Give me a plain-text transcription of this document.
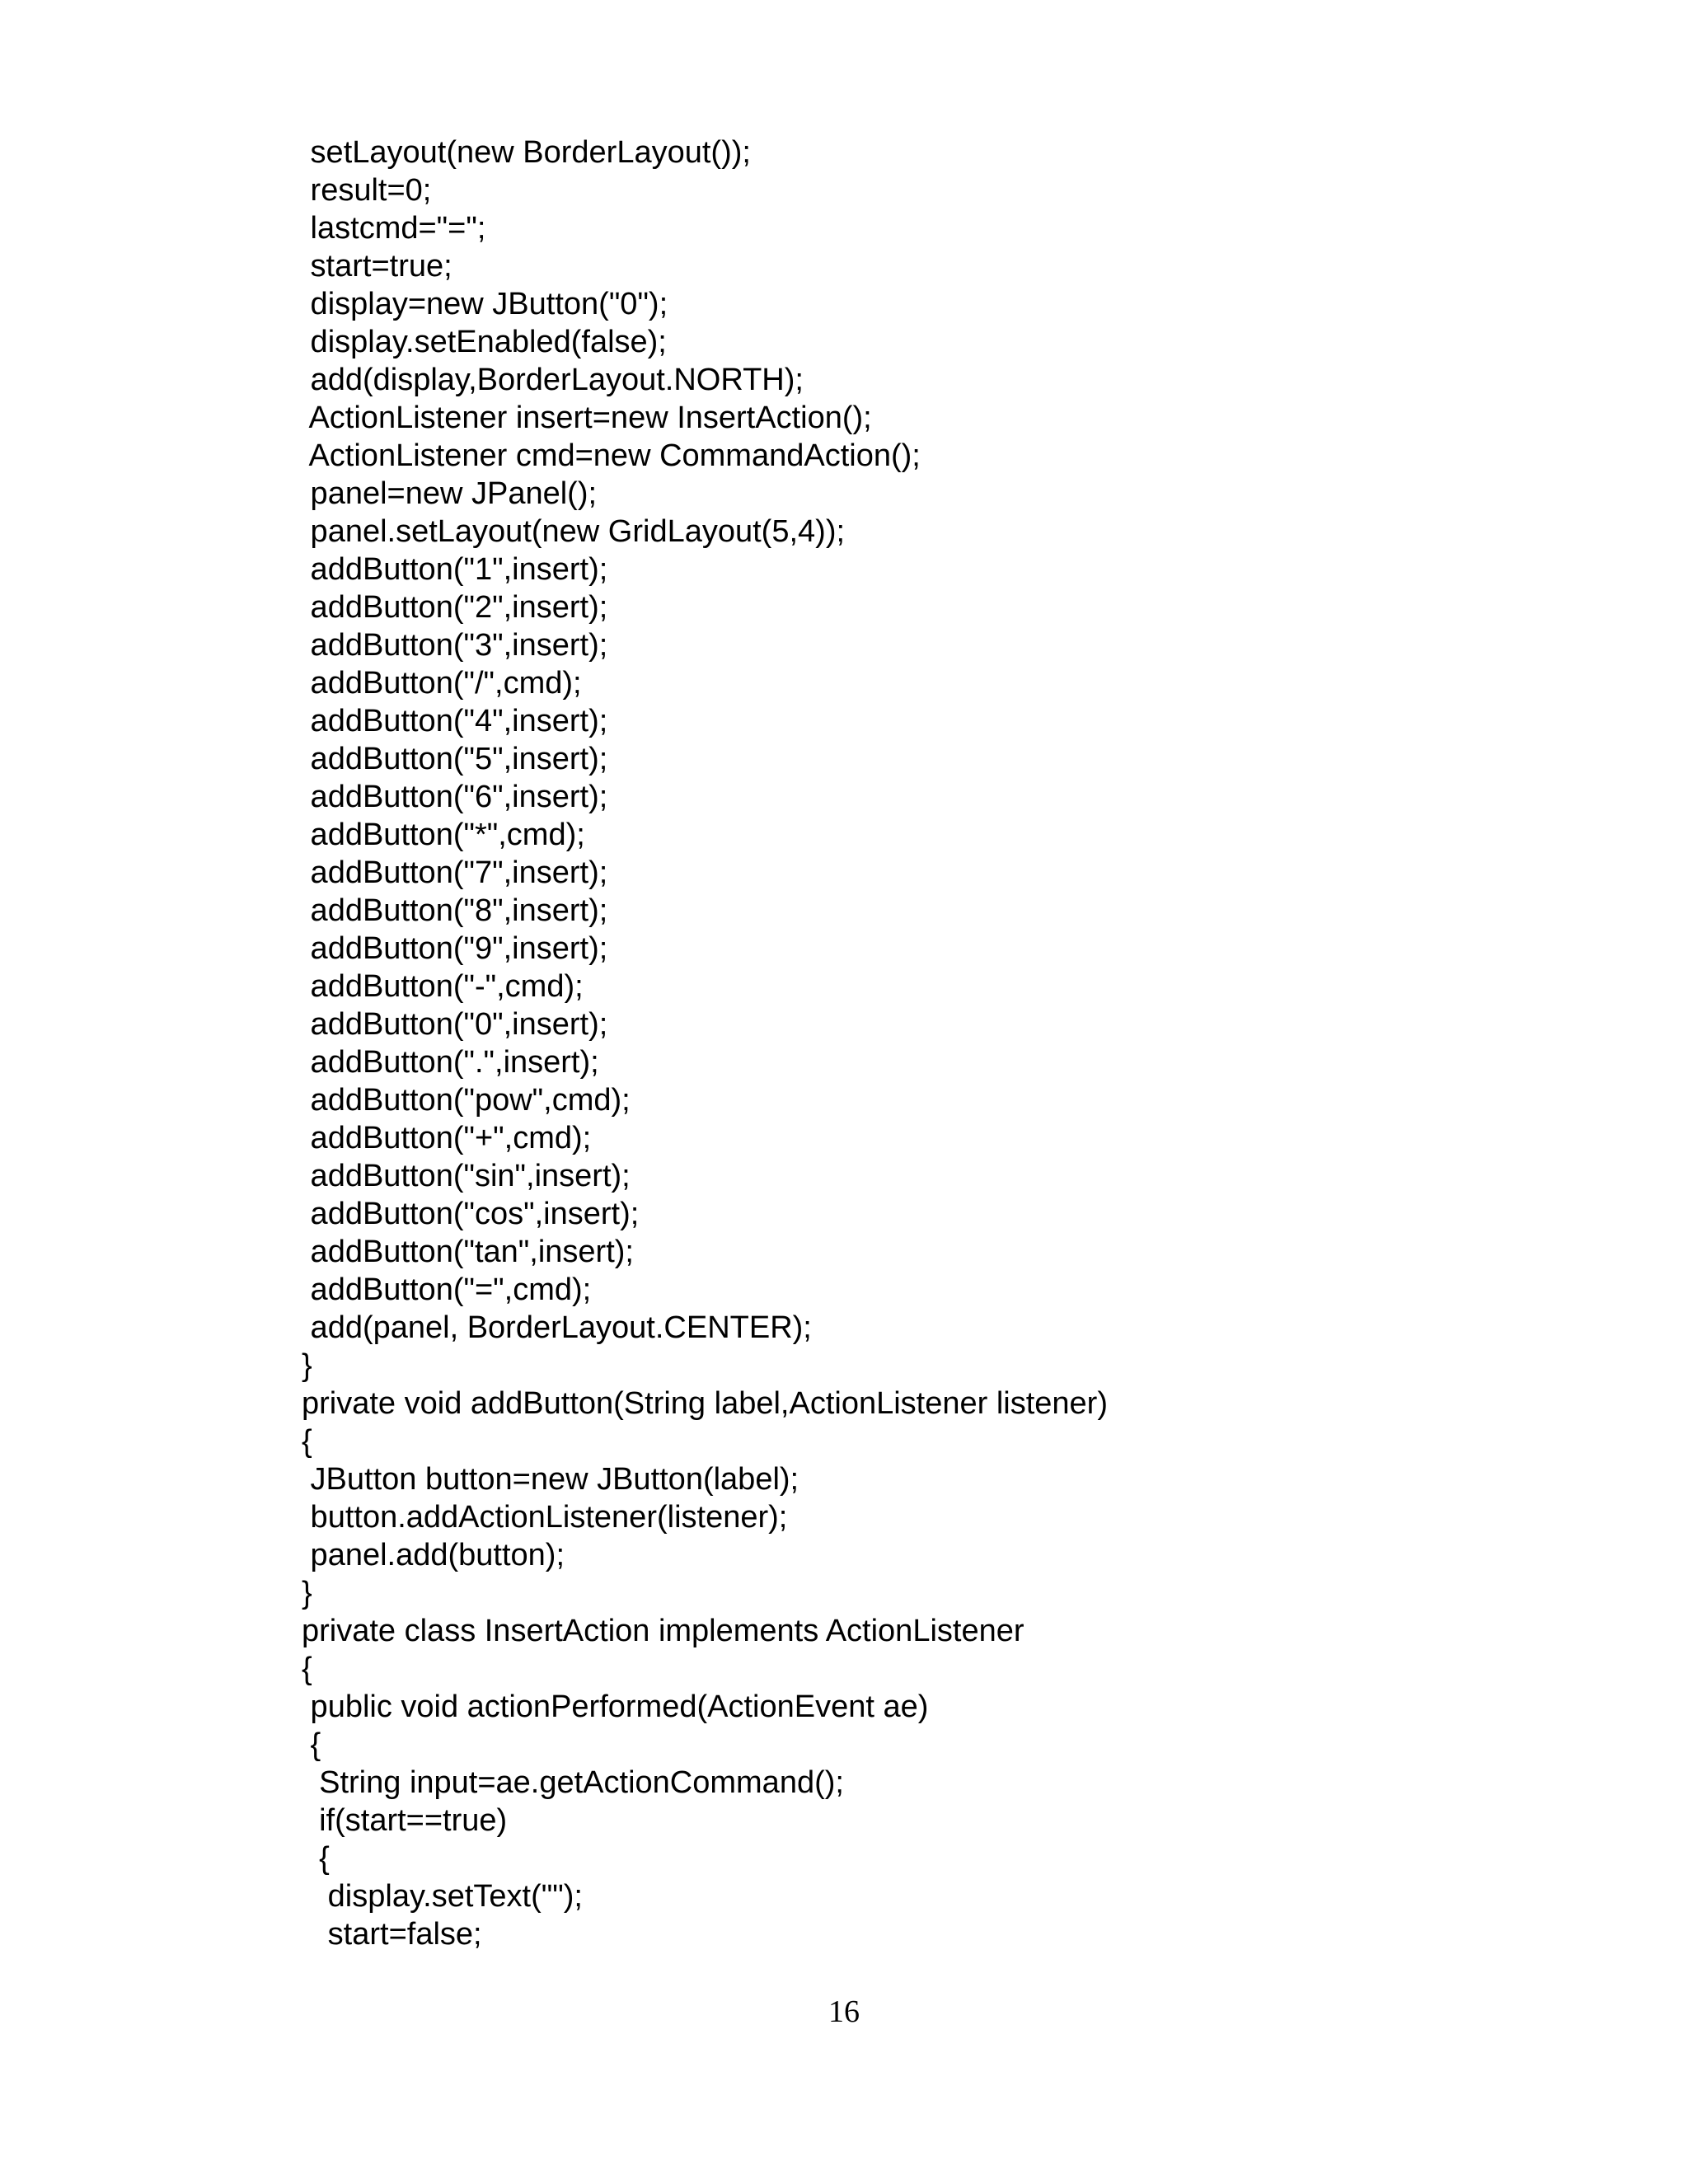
setLayout(new BorderLayout());
result=0;
lastcmd="=";
start=true;
display=new JButton("0");
display.setEnabled(false);
add(display,BorderLayout.NORTH);
ActionListener insert=new InsertAction();
ActionListener cmd=new CommandAction();
panel=new JPanel();
panel.setLayout(new GridLayout(5,4));
addButton("1",insert);
addButton("2",insert);
addButton("3",insert);
addButton("/",cmd);
addButton("4",insert);
addButton("5",insert);
addButton("6",insert);
addButton("*",cmd);
addButton("7",insert);
addButton("8",insert);
addButton("9",insert);
addButton("-",cmd);
addButton("0",insert);
addButton(".",insert);
addButton("pow",cmd);
addButton("+",cmd);
addButton("sin",insert);
addButton("cos",insert);
addButton("tan",insert);
addButton("=",cmd);
add(panel, BorderLayout.CENTER);
}
private void addButton(String label,ActionListener listener)
{
JButton button=new JButton(label);
button.addActionListener(listener);
panel.add(button);
}
private class InsertAction implements ActionListener
{
public void actionPerformed(ActionEvent ae)
{
String input=ae.getActionCommand();
if(start==true)
{
display.setText("");
start=false;
16
